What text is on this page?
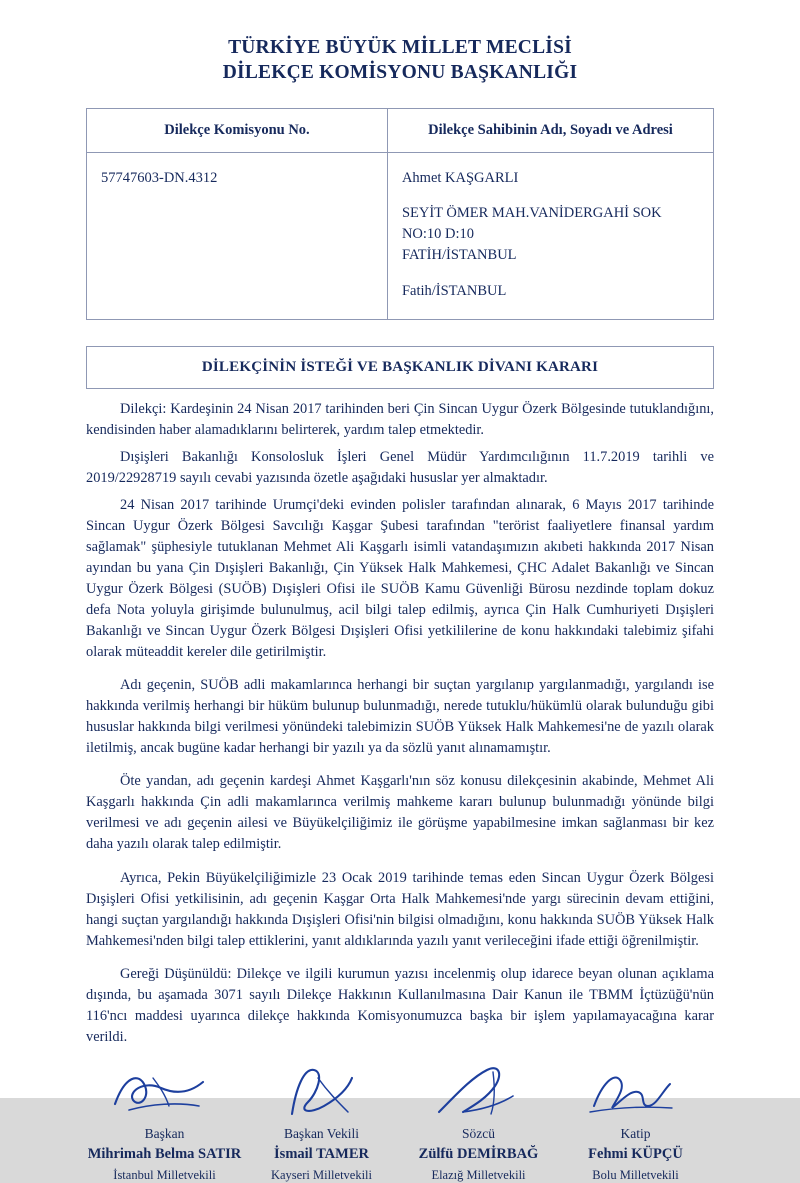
TÜRKİYE BÜYÜK MİLLET MECLİSİ
DİLEKÇE KOMİSYONU BAŞKANLIĞI
Dilekçe Komisyonu No.	Dilekçe Sahibinin Adı, Soyadı ve Adresi
57747603-DN.4312	Ahmet KAŞGARLI

SEYİT ÖMER MAH.VANİDERGAHİ SOK
NO:10 D:10
FATİH/İSTANBUL

Fatih/İSTANBUL

DİLEKÇİNİN İSTEĞİ VE BAŞKANLIK DİVANI KARARI

Dilekçi: Kardeşinin 24 Nisan 2017 tarihinden beri Çin Sincan Uygur Özerk Bölgesinde tutuklandığını, kendisinden haber alamadıklarını belirterek, yardım talep etmektedir.

Dışişleri Bakanlığı Konsolosluk İşleri Genel Müdür Yardımcılığının 11.7.2019 tarihli ve 2019/22928719 sayılı cevabi yazısında özetle aşağıdaki hususlar yer almaktadır.

24 Nisan 2017 tarihinde Urumçi'deki evinden polisler tarafından alınarak, 6 Mayıs 2017 tarihinde Sincan Uygur Özerk Bölgesi Savcılığı Kaşgar Şubesi tarafından "terörist faaliyetlere finansal yardım sağlamak" şüphesiyle tutuklanan Mehmet Ali Kaşgarlı isimli vatandaşımızın akıbeti hakkında 2017 Nisan ayından bu yana Çin Dışişleri Bakanlığı, Çin Yüksek Halk Mahkemesi, ÇHC Adalet Bakanlığı ve Sincan Uygur Özerk Bölgesi (SUÖB) Dışişleri Ofisi ile SUÖB Kamu Güvenliği Bürosu nezdinde toplam dokuz defa Nota yoluyla girişimde bulunulmuş, acil bilgi talep edilmiş, ayrıca Çin Halk Cumhuriyeti Dışişleri Bakanlığı ve Sincan Uygur Özerk Bölgesi Dışişleri Ofisi yetkililerine de konu hakkındaki talebimiz şifahi olarak müteaddit kereler dile getirilmiştir.

Adı geçenin, SUÖB adli makamlarınca herhangi bir suçtan yargılanıp yargılanmadığı, yargılandı ise hakkında verilmiş herhangi bir hüküm bulunup bulunmadığı, nerede tutuklu/hükümlü olarak bulunduğu gibi hususlar hakkında bilgi verilmesi yönündeki talebimizin SUÖB Yüksek Halk Mahkemesi'ne de yazılı olarak iletilmiş, ancak bugüne kadar herhangi bir yazılı ya da sözlü yanıt alınamamıştır.

Öte yandan, adı geçenin kardeşi Ahmet Kaşgarlı'nın söz konusu dilekçesinin akabinde, Mehmet Ali Kaşgarlı hakkında Çin adli makamlarınca verilmiş mahkeme kararı bulunup bulunmadığı yönünde bilgi verilmesi ve adı geçenin ailesi ve Büyükelçiliğimiz ile görüşme yapabilmesine imkan sağlanması bir kez daha yazılı olarak talep edilmiştir.

Ayrıca, Pekin Büyükelçiliğimizle 23 Ocak 2019 tarihinde temas eden Sincan Uygur Özerk Bölgesi Dışişleri Ofisi yetkilisinin, adı geçenin Kaşgar Orta Halk Mahkemesi'nde yargı sürecinin devam ettiğini, hangi suçtan yargılandığı hakkında Dışişleri Ofisi'nin bilgisi olmadığını, konu hakkında SUÖB Yüksek Halk Mahkemesi'nden bilgi talep ettiklerini, yanıt aldıklarında yazılı yanıt verileceğini ifade ettiği öğrenilmiştir.

Gereği Düşünüldü: Dilekçe ve ilgili kurumun yazısı incelenmiş olup idarece beyan olunan açıklama dışında, bu aşamada 3071 sayılı Dilekçe Hakkının Kullanılmasına Dair Kanun ile TBMM İçtüzüğü'nün 116'ncı maddesi uyarınca dilekçe hakkında Komisyonumuzca başka bir işlem yapılamayacağına karar verildi.

Başkan
Mihrimah Belma SATIR
İstanbul Milletvekili
Başkan Vekili
İsmail TAMER
Kayseri Milletvekili
Sözcü
Zülfü DEMİRBAĞ
Elazığ Milletvekili
Katip
Fehmi KÜPÇÜ
Bolu Milletvekili
